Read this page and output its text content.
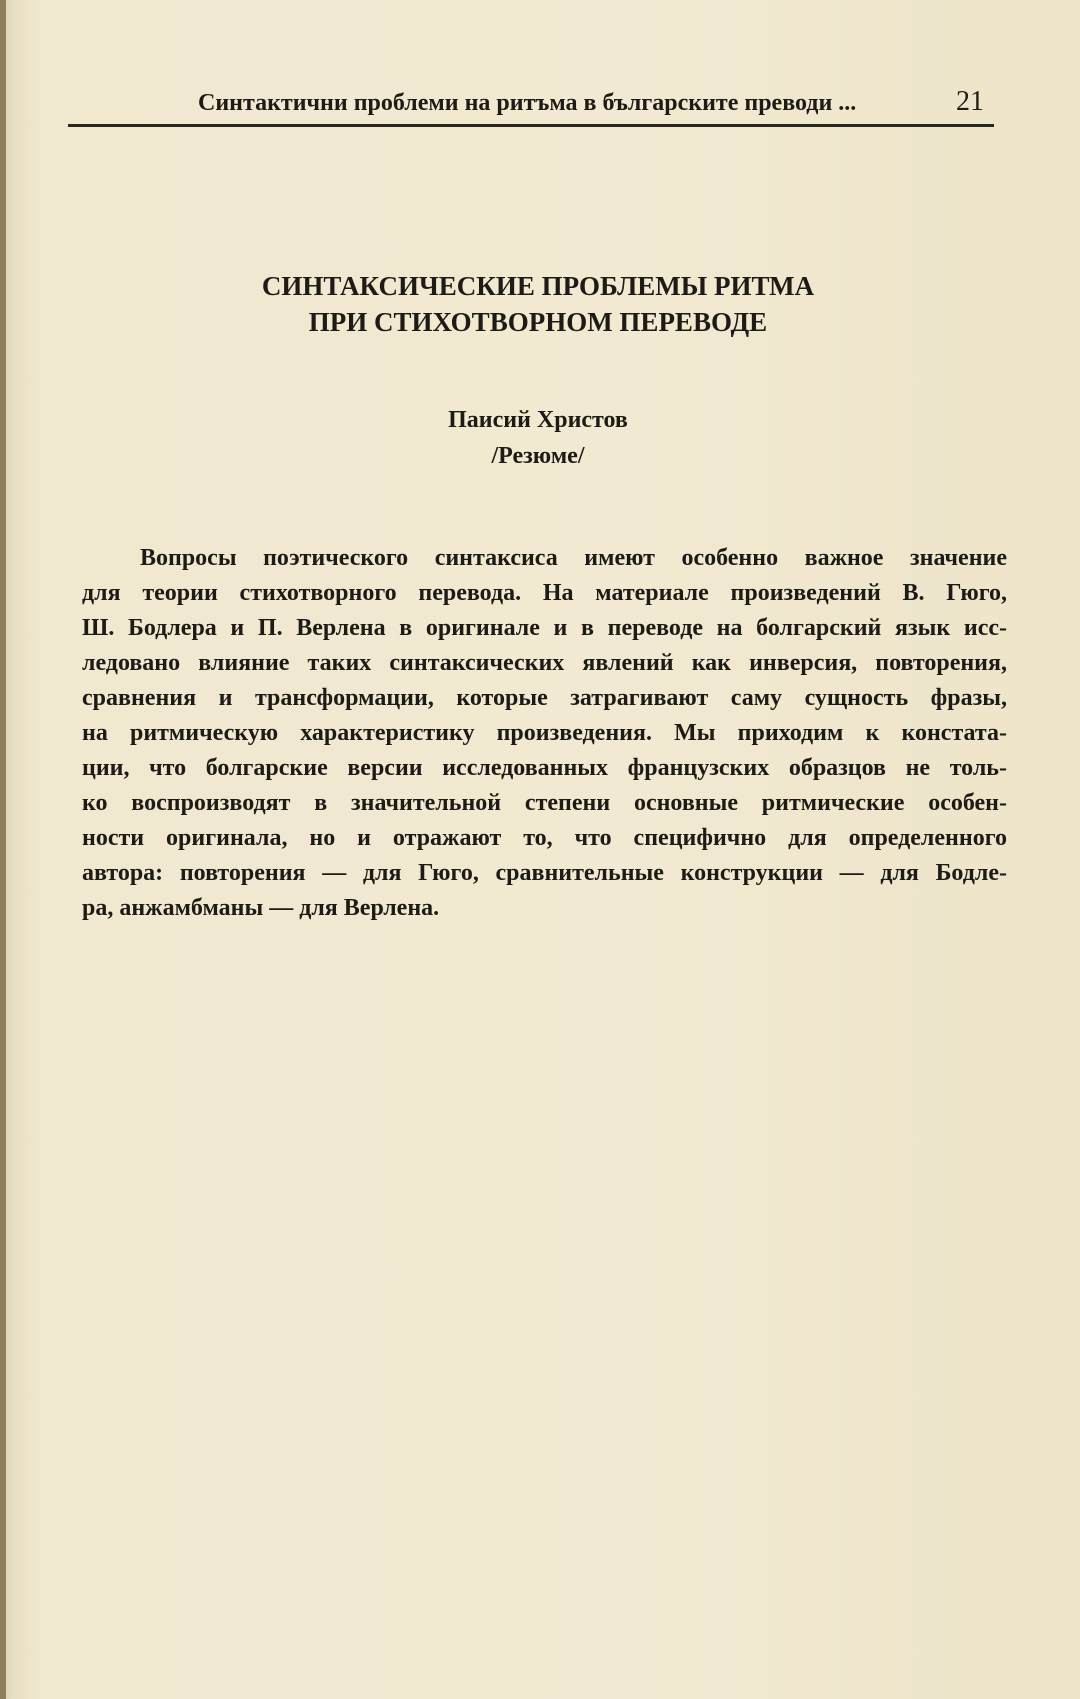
Синтактични проблеми на ритъма в българските преводи ...	21
СИНТАКСИЧЕСКИЕ ПРОБЛЕМЫ РИТМА
ПРИ СТИХОТВОРНОМ ПЕРЕВОДЕ
Паисий Христов
/Резюме/
Вопросы поэтического синтаксиса имеют особенно важное значение
для теории стихотворного перевода. На материале произведений В. Гюго,
Ш. Бодлера и П. Верлена в оригинале и в переводе на болгарский язык исс-
ледовано влияние таких синтаксических явлений как инверсия, повторения,
сравнения и трансформации, которые затрагивают саму сущность фразы,
на ритмическую характеристику произведения. Мы приходим к констата-
ции, что болгарские версии исследованных французских образцов не толь-
ко воспроизводят в значительной степени основные ритмические особен-
ности оригинала, но и отражают то, что специфично для определенного
автора: повторения — для Гюго, сравнительные конструкции — для Бодле-
ра, анжамбманы — для Верлена.
